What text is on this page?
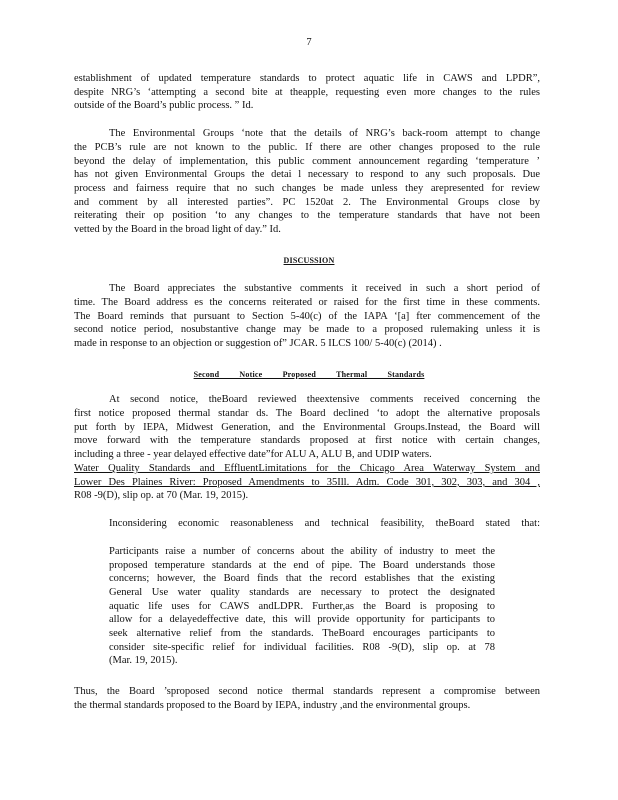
7
establishment of updated temperature standards to protect aquatic life in CAWS and LPDR”,
despite NRG’s ‘attempting a second bite at theapple, requesting even more changes to the rules
outside of the Board’s public process. ” Id.
The Environmental Groups ‘note that the details of NRG’s back-room attempt to change
the PCB’s rule are not known to the public. If there are other changes proposed to the rule
beyond the delay of implementation, this public comment announcement regarding ‘temperature ’
has not given Environmental Groups the detai l necessary to respond to any such proposals. Due
process and fairness require that no such changes be made unless they arepresented for review
and comment by all interested parties”. PC 1520at 2. The Environmental Groups close by
reiterating their op position ‘to any changes to the temperature standards that have not been
vetted by the Board in the broad light of day.” Id.
DISCUSSION
The Board appreciates the substantive comments it received in such a short period of
time. The Board address es the concerns reiterated or raised for the first time in these comments.
The Board reminds that pursuant to Section 5-40(c) of the IAPA ‘[a] fter commencement of the
second notice period, nosubstantive change may be made to a proposed rulemaking unless it is
made in response to an objection or suggestion of” JCAR. 5 ILCS 100/ 5-40(c) (2014) .
Second Notice Proposed Thermal Standards
At second notice, theBoard reviewed theextensive comments received concerning the
first notice proposed thermal standar ds. The Board declined ‘to adopt the alternative proposals
put forth by IEPA, Midwest Generation, and the Environmental Groups.Instead, the Board will
move forward with the temperature standards proposed at first notice with certain changes,
including a three - year delayed effective date”for ALU A, ALU B, and UDIP waters.
Water Quality Standards and EffluentLimitations for the Chicago Area Waterway System and
Lower Des Plaines River: Proposed Amendments to 35Ill. Adm. Code 301, 302, 303, and 304 ,
R08 -9(D), slip op. at 70 (Mar. 19, 2015).
Inconsidering economic reasonableness and technical feasibility, theBoard stated that:
Participants raise a number of concerns about the ability of industry to meet the
proposed temperature standards at the end of pipe. The Board understands those
concerns; however, the Board finds that the record establishes that the existing
General Use water quality standards are necessary to protect the designated
aquatic life uses for CAWS andLDPR. Further,as the Board is proposing to
allow for a delayedeffective date, this will provide opportunity for participants to
seek alternative relief from the standards. TheBoard encourages participants to
consider site-specific relief for individual facilities. R08 -9(D), slip op. at 78
(Mar. 19, 2015).
Thus, the Board ’sproposed second notice thermal standards represent a compromise between
the thermal standards proposed to the Board by IEPA, industry ,and the environmental groups.
